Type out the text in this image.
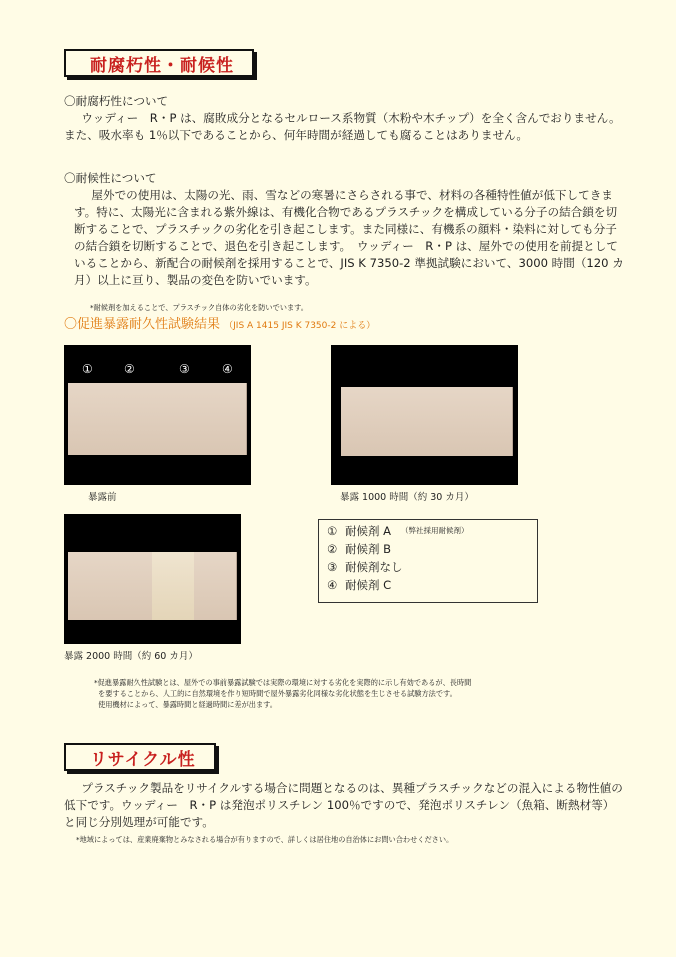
耐腐朽性・耐候性
〇耐腐朽性について
ウッディー　R・P は、腐敗成分となるセルロース系物質（木粉や木チップ）を全く含んでおりません。　また、吸水率も 1％以下であることから、何年時間が経過しても腐ることはありません。
〇耐候性について
屋外での使用は、太陽の光、雨、雪などの寒暑にさらされる事で、材料の各種特性値が低下してきます。特に、太陽光に含まれる紫外線は、有機化合物であるプラスチックを構成している分子の結合鎖を切断することで、プラスチックの劣化を引き起こします。また同様に、有機系の顔料・染料に対しても分子の結合鎖を切断することで、退色を引き起こします。　ウッディー　R・P は、屋外での使用を前提としていることから、新配合の耐候剤を採用することで、JIS K 7350-2 準拠試験において、3000 時間（120 カ月）以上に亘り、製品の変色を防いでいます。
*耐候剤を加えることで、プラスチック自体の劣化を防いでいます。
〇促進暴露耐久性試験結果 （JIS A 1415 JIS K 7350-2 による）
①	②	③	④
暴露前	暴露 1000 時間（約 30 カ月）
暴露 2000 時間（約 60 カ月）
① 耐候剤 A （弊社採用耐候剤）
② 耐候剤 B
③ 耐候剤なし
④ 耐候剤 C
*促進暴露耐久性試験とは、屋外での事前暴露試験では実際の環境に対する劣化を実際的に示し有効であるが、長時間
を要することから、人工的に自然環境を作り短時間で屋外暴露劣化同様な劣化状態を生じさせる試験方法です。
使用機材によって、暴露時間と経過時間に差が出ます。
リサイクル性
プラスチック製品をリサイクルする場合に問題となるのは、異種プラスチックなどの混入による物性値の低下です。ウッディー　R・P は発泡ポリスチレン 100％ですので、発泡ポリスチレン（魚箱、断熱材等）と同じ分別処理が可能です。
*地域によっては、産業廃棄物とみなされる場合が有りますので、詳しくは居住地の自治体にお問い合わせください。
